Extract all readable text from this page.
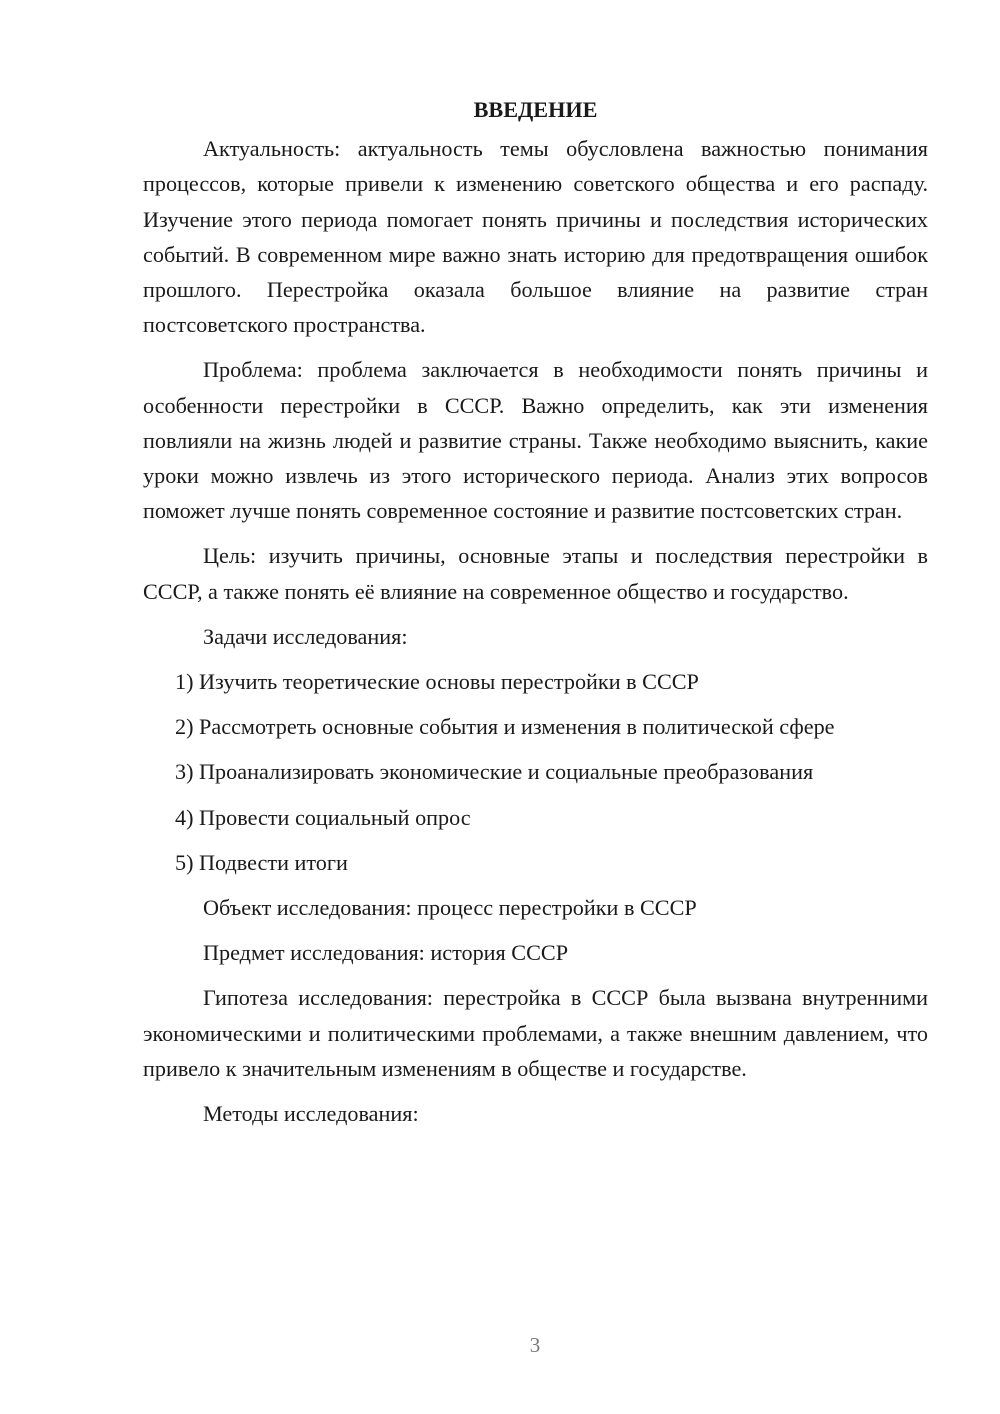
ВВЕДЕНИЕ

Актуальность: актуальность темы обусловлена важностью понимания процессов, которые привели к изменению советского общества и его распаду. Изучение этого периода помогает понять причины и последствия исторических событий. В современном мире важно знать историю для предотвращения ошибок прошлого. Перестройка оказала большое влияние на развитие стран постсоветского пространства.

Проблема: проблема заключается в необходимости понять причины и особенности перестройки в СССР. Важно определить, как эти изменения повлияли на жизнь людей и развитие страны. Также необходимо выяснить, какие уроки можно извлечь из этого исторического периода. Анализ этих вопросов поможет лучше понять современное состояние и развитие постсоветских стран.

Цель: изучить причины, основные этапы и последствия перестройки в СССР, а также понять её влияние на современное общество и государство.

Задачи исследования:

1) Изучить теоретические основы перестройки в СССР

2) Рассмотреть основные события и изменения в политической сфере

3) Проанализировать экономические и социальные преобразования

4) Провести социальный опрос

5) Подвести итоги

Объект исследования: процесс перестройки в СССР

Предмет исследования: история СССР

Гипотеза исследования: перестройка в СССР была вызвана внутренними экономическими и политическими проблемами, а также внешним давлением, что привело к значительным изменениям в обществе и государстве.

Методы исследования:

3
